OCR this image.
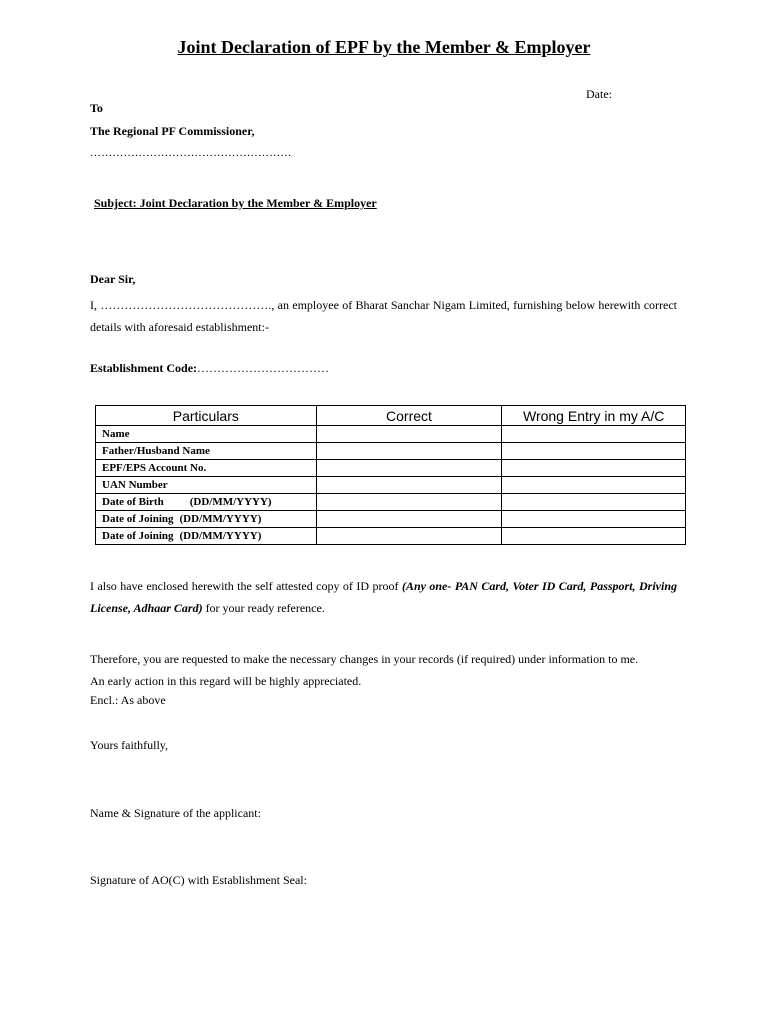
Joint Declaration of EPF by the Member & Employer
Date:
To
The Regional PF Commissioner,
………………………………………………
Subject: Joint Declaration by the Member & Employer
Dear Sir,
I, ……………………………………., an employee of Bharat Sanchar Nigam Limited, furnishing below herewith correct details with aforesaid establishment:-
Establishment Code:……………………………
Particulars	Correct	Wrong Entry in my A/C
Name		
Father/Husband Name		
EPF/EPS Account No.		
UAN Number		
Date of Birth (DD/MM/YYYY)		
Date of Joining (DD/MM/YYYY)		
Date of Joining (DD/MM/YYYY)		
I also have enclosed herewith the self attested copy of ID proof (Any one- PAN Card, Voter ID Card, Passport, Driving License, Adhaar Card) for your ready reference.
Therefore, you are requested to make the necessary changes in your records (if required) under information to me.
An early action in this regard will be highly appreciated.
Encl.: As above
Yours faithfully,
Name & Signature of the applicant:
Signature of AO(C) with Establishment Seal:
